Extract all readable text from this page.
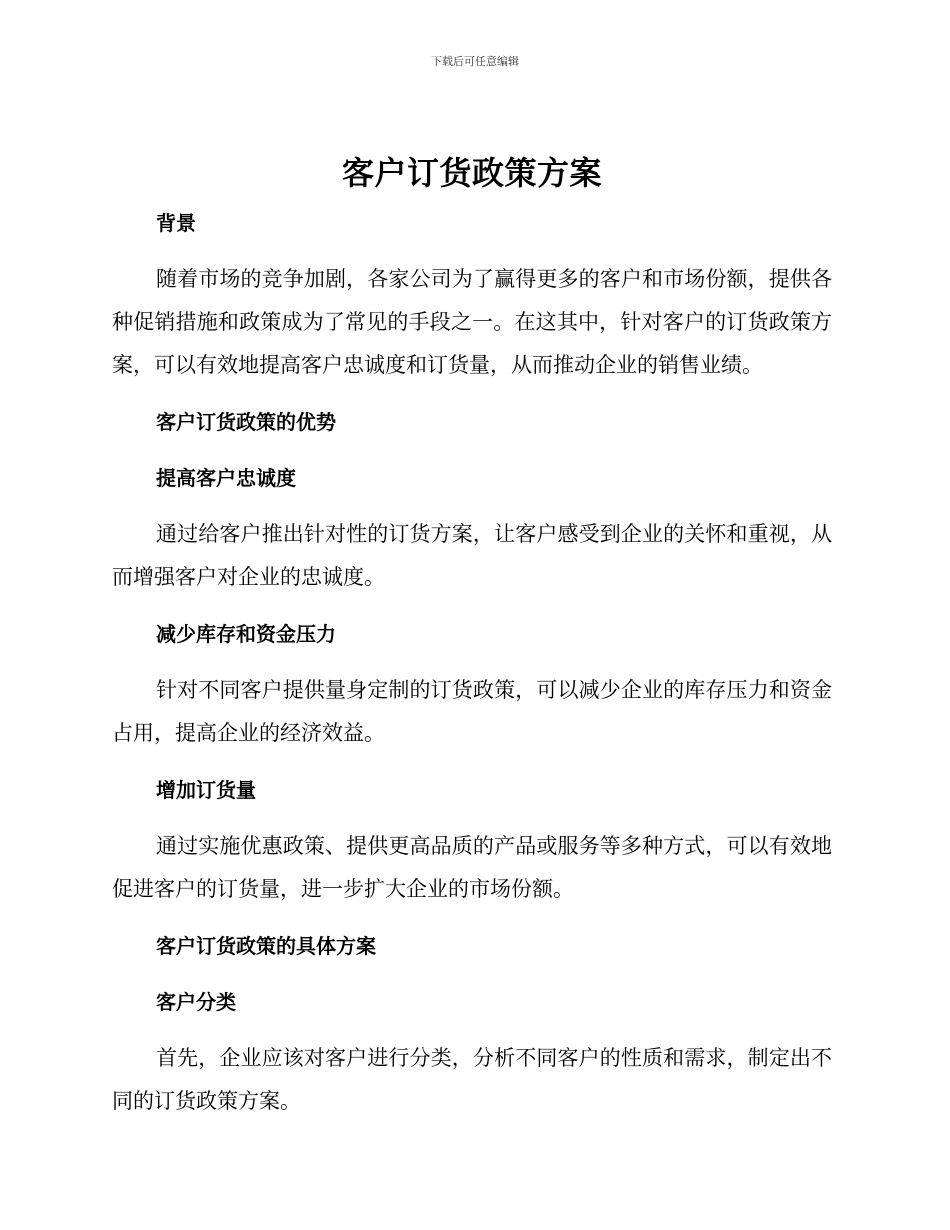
下载后可任意编辑
客户订货政策方案
背景

随着市场的竞争加剧，各家公司为了赢得更多的客户和市场份额，提供各种促销措施和政策成为了常见的手段之一。在这其中，针对客户的订货政策方案，可以有效地提高客户忠诚度和订货量，从而推动企业的销售业绩。

客户订货政策的优势
提高客户忠诚度

通过给客户推出针对性的订货方案，让客户感受到企业的关怀和重视，从而增强客户对企业的忠诚度。

减少库存和资金压力

针对不同客户提供量身定制的订货政策，可以减少企业的库存压力和资金占用，提高企业的经济效益。

增加订货量

通过实施优惠政策、提供更高品质的产品或服务等多种方式，可以有效地促进客户的订货量，进一步扩大企业的市场份额。

客户订货政策的具体方案
客户分类

首先，企业应该对客户进行分类，分析不同客户的性质和需求，制定出不同的订货政策方案。
